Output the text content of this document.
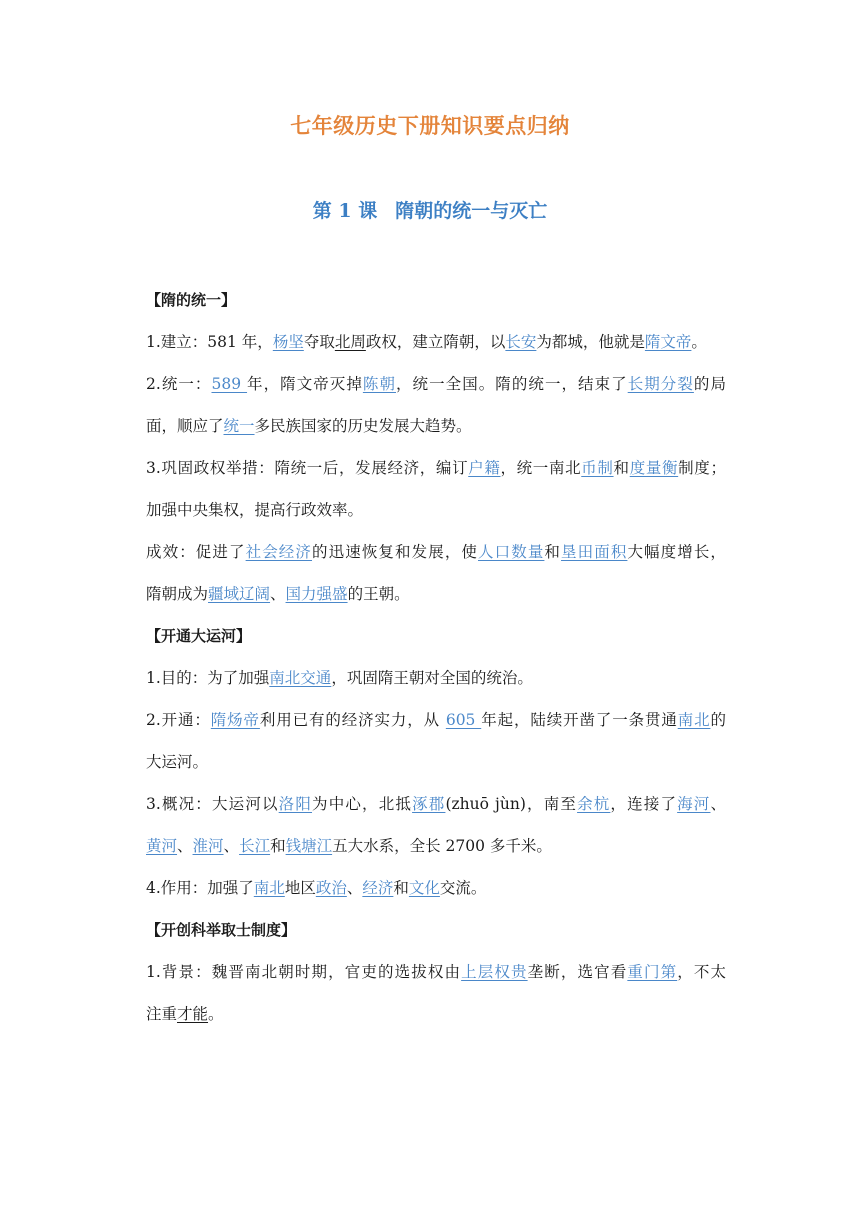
七年级历史下册知识要点归纳
第 1 课 隋朝的统一与灭亡

【隋的统一】

1.建立：581 年，杨坚夺取北周政权，建立隋朝，以长安为都城，他就是隋文帝。

2.统一：589 年，隋文帝灭掉陈朝，统一全国。隋的统一，结束了长期分裂的局

面，顺应了统一多民族国家的历史发展大趋势。

3.巩固政权举措：隋统一后，发展经济，编订户籍，统一南北币制和度量衡制度；

加强中央集权，提高行政效率。

成效：促进了社会经济的迅速恢复和发展，使人口数量和垦田面积大幅度增长，

隋朝成为疆域辽阔、国力强盛的王朝。

【开通大运河】

1.目的：为了加强南北交通，巩固隋王朝对全国的统治。

2.开通：隋炀帝利用已有的经济实力，从 605 年起，陆续开凿了一条贯通南北的

大运河。

3.概况：大运河以洛阳为中心，北抵涿郡(zhuō jùn)，南至余杭，连接了海河、

黄河、淮河、长江和钱塘江五大水系，全长 2700 多千米。

4.作用：加强了南北地区政治、经济和文化交流。

【开创科举取士制度】

1.背景：魏晋南北朝时期，官吏的选拔权由上层权贵垄断，选官看重门第，不太

注重才能。
